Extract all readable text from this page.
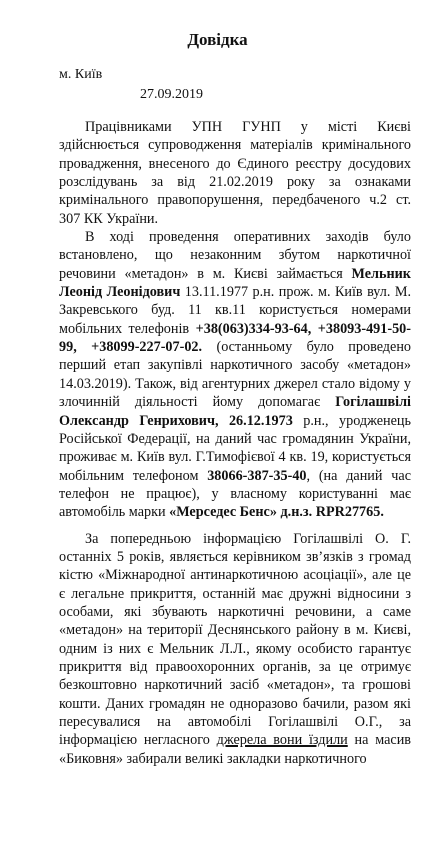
Довідка
м. Київ
27.09.2019

Працівниками УПН ГУНП у місті Києві здійснюється супроводження матеріалів кримінального провадження, внесеного до Єдиного реєстру досудових розслідувань за від 21.02.2019 року за ознаками кримінального правопорушення, передбаченого ч.2 ст. 307 КК України.

В ході проведення оперативних заходів було встановлено, що незаконним збутом наркотичної речовини «метадон» в м. Києві займається Мельник Леонід Леонідович 13.11.1977 р.н. прож. м. Київ вул. М. Закревського буд. 11 кв.11 користується номерами мобільних телефонів +38(063)334-93-64, +38093-491-50-99, +38099-227-07-02. (останньому було проведено перший етап закупівлі наркотичного засобу «метадон» 14.03.2019). Також, від агентурних джерел стало відому у злочинній діяльності йому допомагає Гогілашвілі Олександр Генрихович, 26.12.1973 р.н., уродженець Російської Федерації, на даний час громадянин України, проживає м. Київ вул. Г.Тимофієвої 4 кв. 19, користується мобільним телефоном 38066-387-35-40, (на даний час телефон не працює), у власному користуванні має автомобіль марки «Мерседес Бенс» д.н.з. RPR27765.

За попередньою інформацією Гогілашвілі О. Г. останніх 5 років, являється керівником зв’язків з громад кістю «Міжнародної антинаркотичною асоціації», але це є легальне прикриття, останній має дружні відносини з особами, які збувають наркотичні речовини, а саме «метадон» на території Деснянського району в м. Києві, одним із них є Мельник Л.Л., якому особисто гарантує прикриття від правоохоронних органів, за це отримує безкоштовно наркотичний засіб «метадон», та грошові кошти. Даних громадян не одноразово бачили, разом які пересувалися на автомобілі Гогілашвілі О.Г., за інформацією негласного джерела вони їздили на масив «Биковня» забирали великі закладки наркотичного
